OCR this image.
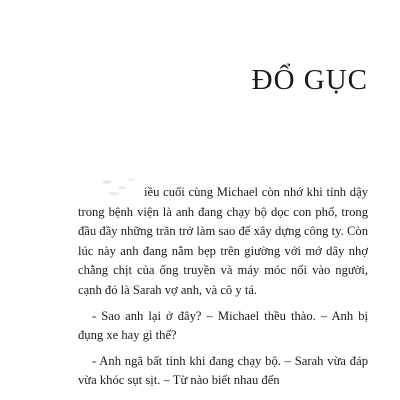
ĐỔ GỤC

iều cuối cùng Michael còn nhớ khi tỉnh dậy trong bệnh viện là anh đang chạy bộ dọc con phố, trong đầu đầy những trăn trở làm sao để xây dựng công ty. Còn lúc này anh đang nằm bẹp trên giường với mớ dây nhợ chằng chịt của ống truyền và máy móc nối vào người, cạnh đó là Sarah vợ anh, và cô y tá.

- Sao anh lại ở đây? – Michael thều thào. – Anh bị đụng xe hay gì thế?

- Anh ngã bất tỉnh khi đang chạy bộ. – Sarah vừa đáp vừa khóc sụt sịt. – Từ nào biết nhau đến
